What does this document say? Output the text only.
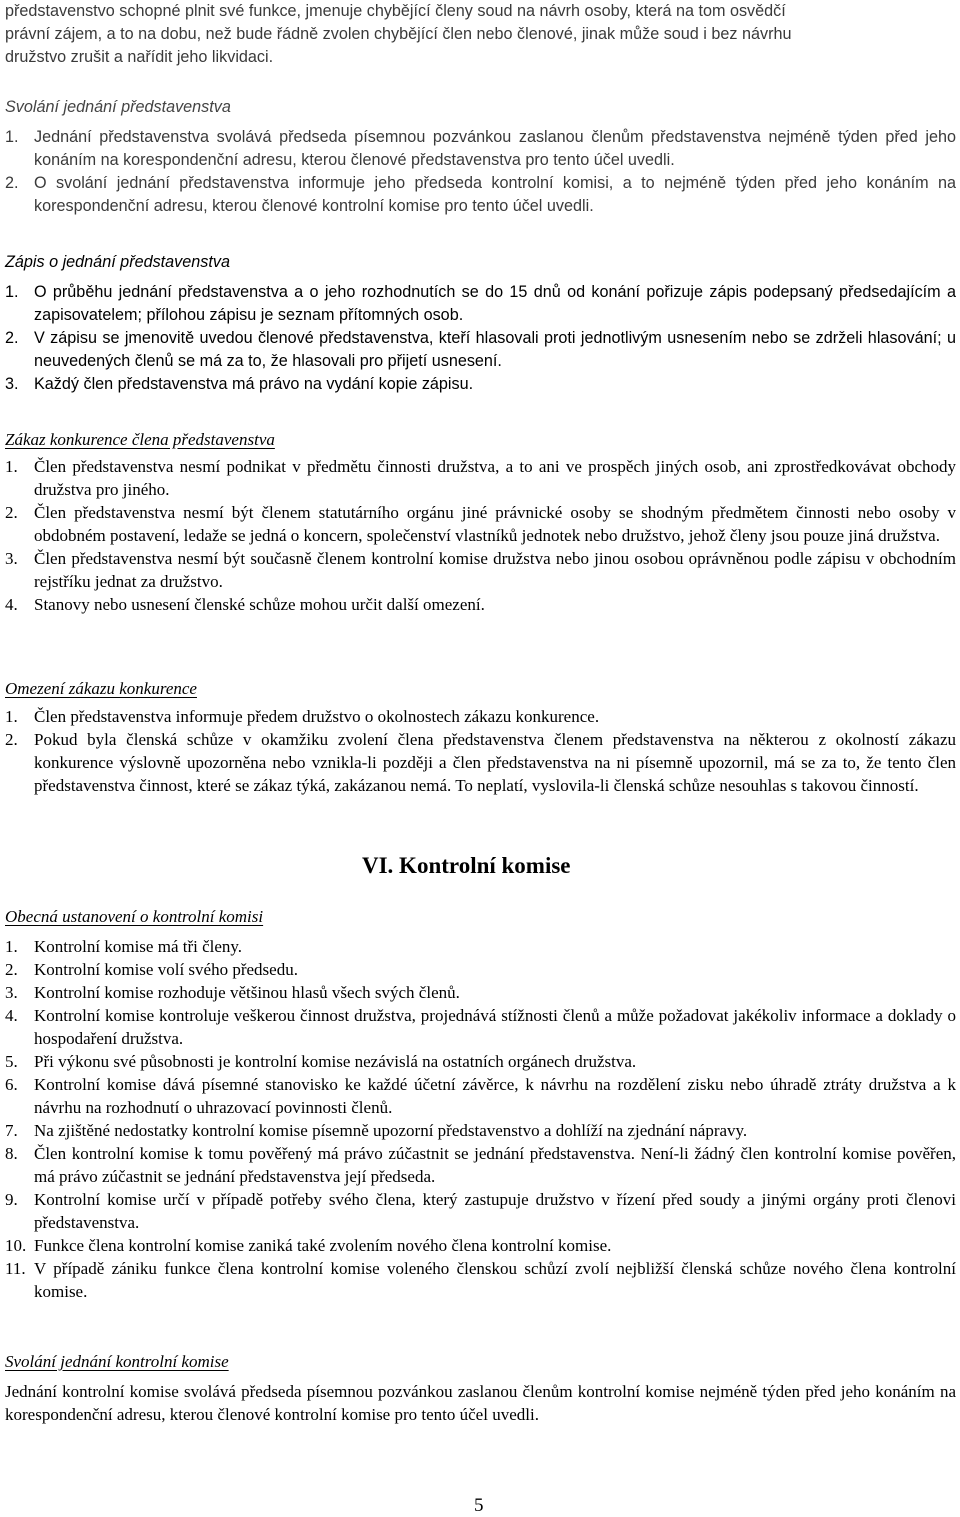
představenstvo schopné plnit své funkce, jmenuje chybějící členy soud na návrh osoby, která na tom osvědčí
právní zájem, a to na dobu, než bude řádně zvolen chybějící člen nebo členové, jinak může soud i bez návrhu
družstvo zrušit a nařídit jeho likvidaci.
Svolání jednání představenstva
1. Jednání představenstva svolává předseda písemnou pozvánkou zaslanou členům představenstva nejméně týden před jeho konáním na korespondenční adresu, kterou členové představenstva pro tento účel uvedli.
2. O svolání jednání představenstva informuje jeho předseda kontrolní komisi, a to nejméně týden před jeho konáním na korespondenční adresu, kterou členové kontrolní komise pro tento účel uvedli.
Zápis o jednání představenstva
1. O průběhu jednání představenstva a o jeho rozhodnutích se do 15 dnů od konání pořizuje zápis podepsaný předsedajícím a zapisovatelem; přílohou zápisu je seznam přítomných osob.
2. V zápisu se jmenovitě uvedou členové představenstva, kteří hlasovali proti jednotlivým usnesením nebo se zdrželi hlasování; u neuvedených členů se má za to, že hlasovali pro přijetí usnesení.
3. Každý člen představenstva má právo na vydání kopie zápisu.
Zákaz konkurence člena představenstva
1. Člen představenstva nesmí podnikat v předmětu činnosti družstva, a to ani ve prospěch jiných osob, ani zprostředkovávat obchody družstva pro jiného.
2. Člen představenstva nesmí být členem statutárního orgánu jiné právnické osoby se shodným předmětem činnosti nebo osoby v obdobném postavení, ledaže se jedná o koncern, společenství vlastníků jednotek nebo družstvo, jehož členy jsou pouze jiná družstva.
3. Člen představenstva nesmí být současně členem kontrolní komise družstva nebo jinou osobou oprávněnou podle zápisu v obchodním rejstříku jednat za družstvo.
4. Stanovy nebo usnesení členské schůze mohou určit další omezení.
Omezení zákazu konkurence
1. Člen představenstva informuje předem družstvo o okolnostech zákazu konkurence.
2. Pokud byla členská schůze v okamžiku zvolení člena představenstva členem představenstva na některou z okolností zákazu konkurence výslovně upozorněna nebo vznikla-li později a člen představenstva na ni písemně upozornil, má se za to, že tento člen představenstva činnost, které se zákaz týká, zakázanou nemá. To neplatí, vyslovila-li členská schůze nesouhlas s takovou činností.
VI. Kontrolní komise
Obecná ustanovení o kontrolní komisi
1. Kontrolní komise má tři členy.
2. Kontrolní komise volí svého předsedu.
3. Kontrolní komise rozhoduje většinou hlasů všech svých členů.
4. Kontrolní komise kontroluje veškerou činnost družstva, projednává stížnosti členů a může požadovat jakékoliv informace a doklady o hospodaření družstva.
5. Při výkonu své působnosti je kontrolní komise nezávislá na ostatních orgánech družstva.
6. Kontrolní komise dává písemné stanovisko ke každé účetní závěrce, k návrhu na rozdělení zisku nebo úhradě ztráty družstva a k návrhu na rozhodnutí o uhrazovací povinnosti členů.
7. Na zjištěné nedostatky kontrolní komise písemně upozorní představenstvo a dohlíží na zjednání nápravy.
8. Člen kontrolní komise k tomu pověřený má právo zúčastnit se jednání představenstva. Není-li žádný člen kontrolní komise pověřen, má právo zúčastnit se jednání představenstva její předseda.
9. Kontrolní komise určí v případě potřeby svého člena, který zastupuje družstvo v řízení před soudy a jinými orgány proti členovi představenstva.
10. Funkce člena kontrolní komise zaniká také zvolením nového člena kontrolní komise.
11. V případě zániku funkce člena kontrolní komise voleného členskou schůzí zvolí nejbližší členská schůze nového člena kontrolní komise.
Svolání jednání kontrolní komise
Jednání kontrolní komise svolává předseda písemnou pozvánkou zaslanou členům kontrolní komise nejméně týden před jeho konáním na korespondenční adresu, kterou členové kontrolní komise pro tento účel uvedli.
5
